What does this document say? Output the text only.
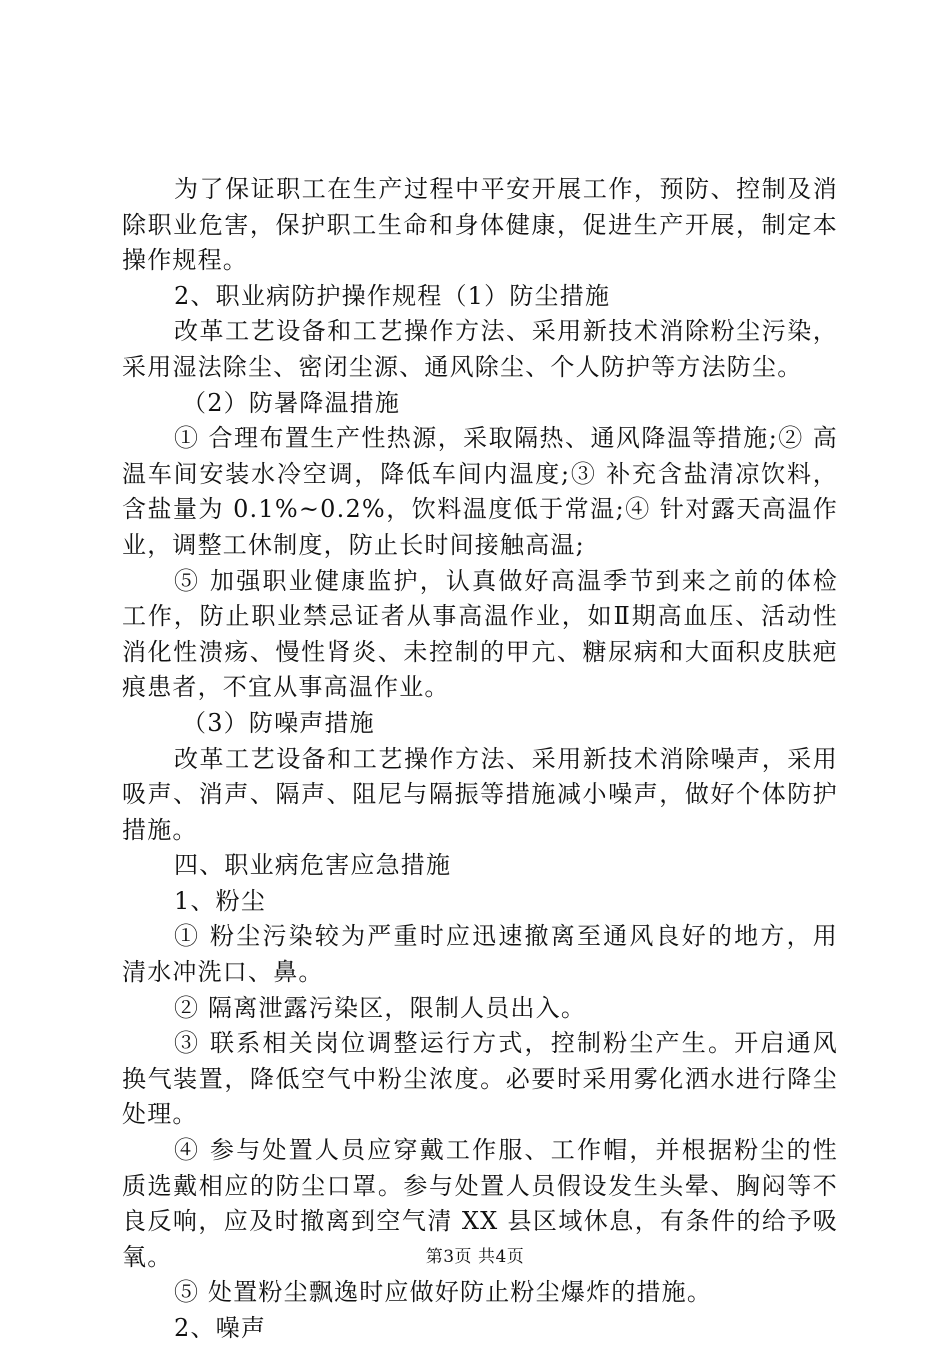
为了保证职工在生产过程中平安开展工作，预防、控制及消除职业危害，保护职工生命和身体健康，促进生产开展，制定本操作规程。

2、职业病防护操作规程（1）防尘措施

改革工艺设备和工艺操作方法、采用新技术消除粉尘污染，采用湿法除尘、密闭尘源、通风除尘、个人防护等方法防尘。

（2）防暑降温措施

① 合理布置生产性热源，采取隔热、通风降温等措施;② 高温车间安装水冷空调，降低车间内温度;③ 补充含盐清凉饮料，含盐量为 0.1%~0.2%，饮料温度低于常温;④ 针对露天高温作业，调整工休制度，防止长时间接触高温;

⑤ 加强职业健康监护，认真做好高温季节到来之前的体检工作，防止职业禁忌证者从事高温作业，如Ⅱ期高血压、活动性消化性溃疡、慢性肾炎、未控制的甲亢、糖尿病和大面积皮肤疤痕患者，不宜从事高温作业。

（3）防噪声措施

改革工艺设备和工艺操作方法、采用新技术消除噪声，采用吸声、消声、隔声、阻尼与隔振等措施减小噪声，做好个体防护措施。

四、职业病危害应急措施

1、粉尘

① 粉尘污染较为严重时应迅速撤离至通风良好的地方，用清水冲洗口、鼻。

② 隔离泄露污染区，限制人员出入。

③ 联系相关岗位调整运行方式，控制粉尘产生。开启通风换气装置，降低空气中粉尘浓度。必要时采用雾化洒水进行降尘处理。

④ 参与处置人员应穿戴工作服、工作帽，并根据粉尘的性质选戴相应的防尘口罩。参与处置人员假设发生头晕、胸闷等不良反响，应及时撤离到空气清 XX 县区域休息，有条件的给予吸氧。

⑤ 处置粉尘飘逸时应做好防止粉尘爆炸的措施。

2、噪声

第3页 共4页
